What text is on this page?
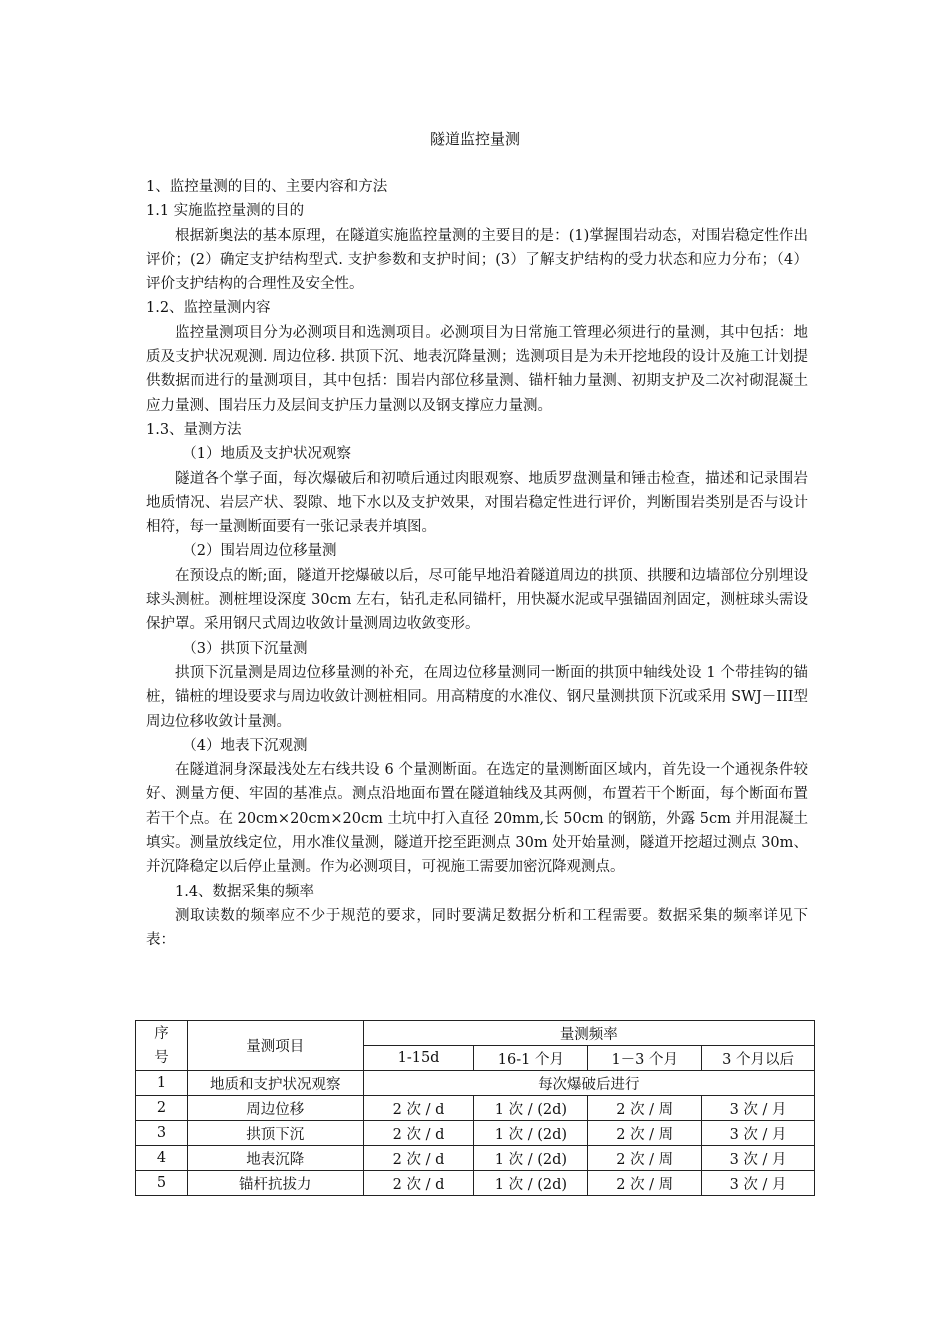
隧道监控量测

1、监控量测的目的、主要内容和方法

1.1 实施监控量测的目的

根据新奥法的基本原理，在隧道实施监控量测的主要目的是：(1)掌握围岩动态，对围岩稳定性作出评价；(2）确定支护结构型式. 支护参数和支护时间；(3）了解支护结构的受力状态和应力分布；（4）评价支护结构的合理性及安全性。

1.2、监控量测内容

监控量测项目分为必测项目和选测项目。必测项目为日常施工管理必须进行的量测，其中包括：地质及支护状况观测. 周边位移. 拱顶下沉、地表沉降量测；选测项目是为未开挖地段的设计及施工计划提供数据而进行的量测项目，其中包括：围岩内部位移量测、锚杆轴力量测、初期支护及二次衬砌混凝土应力量测、围岩压力及层间支护压力量测以及钢支撑应力量测。

1.3、量测方法

（1）地质及支护状况观察

隧道各个掌子面，每次爆破后和初喷后通过肉眼观察、地质罗盘测量和锤击检查，描述和记录围岩地质情况、岩层产状、裂隙、地下水以及支护效果，对围岩稳定性进行评价，判断围岩类别是否与设计相符，每一量测断面要有一张记录表并填图。

（2）围岩周边位移量测

在预设点的断;面，隧道开挖爆破以后，尽可能早地沿着隧道周边的拱顶、拱腰和边墙部位分别埋设球头测桩。测桩埋设深度 30cm 左右，钻孔走私同锚杆，用快凝水泥或早强锚固剂固定，测桩球头需设保护罩。采用钢尺式周边收敛计量测周边收敛变形。

（3）拱顶下沉量测

拱顶下沉量测是周边位移量测的补充，在周边位移量测同一断面的拱顶中轴线处设 1 个带挂钩的锚桩，锚桩的埋设要求与周边收敛计测桩相同。用高精度的水准仪、钢尺量测拱顶下沉或采用 SWJ－III型周边位移收敛计量测。

（4）地表下沉观测

在隧道洞身深最浅处左右线共设 6 个量测断面。在选定的量测断面区域内，首先设一个通视条件较好、测量方便、牢固的基准点。测点沿地面布置在隧道轴线及其两侧，布置若干个断面，每个断面布置若干个点。在 20cm×20cm×20cm 土坑中打入直径 20mm,长 50cm 的钢筋，外露 5cm 并用混凝土填实。测量放线定位，用水准仪量测，隧道开挖至距测点 30m 处开始量测，隧道开挖超过测点 30m、并沉降稳定以后停止量测。作为必测项目，可视施工需要加密沉降观测点。

1.4、数据采集的频率

测取读数的频率应不少于规范的要求，同时要满足数据分析和工程需要。数据采集的频率详见下表：

序
号	量测项目	量测频率			
		1-15d	16-1 个月	1－3 个月	3 个月以后
1	地质和支护状况观察	每次爆破后进行			
2	周边位移	2 次 / d	1 次 / (2d)	2 次 / 周	3 次 / 月
3	拱顶下沉	2 次 / d	1 次 / (2d)	2 次 / 周	3 次 / 月
4	地表沉降	2 次 / d	1 次 / (2d)	2 次 / 周	3 次 / 月
5	锚杆抗拔力	2 次 / d	1 次 / (2d)	2 次 / 周	3 次 / 月
